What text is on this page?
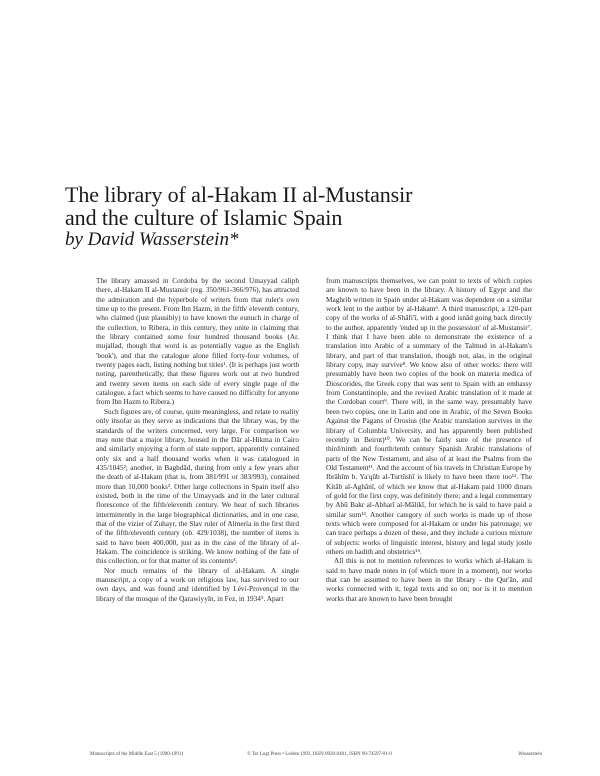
The library of al-Hakam II al-Mustansir
and the culture of Islamic Spain
by David Wasserstein*

The library amassed in Cordoba by the second Umayyad caliph there, al-Hakam II al-Mustansir (reg. 350/961-366/976), has attracted the admiration and the hyperbole of writers from that ruler's own time up to the present. From Ibn Hazm, in the fifth/ eleventh century, who claimed (just plausibly) to have known the eunuch in charge of the collection, to Ribera, in this century, they unite in claiming that the library contained some four hundred thousand books (Ar. mujallad, though that word is as potentially vague as the English 'book'), and that the catalogue alone filled forty-four volumes, of twenty pages each, listing nothing but titles¹. (It is perhaps just worth noting, parenthetically, that these figures work out at two hundred and twenty seven items on each side of every single page of the catalogue, a fact which seems to have caused no difficulty for anyone from Ibn Hazm to Ribera.)

Such figures are, of course, quite meaningless, and relate to reality only insofar as they serve as indications that the library was, by the standards of the writers concerned, very large. For comparison we may note that a major library, housed in the Dār al-Hikma in Cairo and similarly enjoying a form of state support, apparently contained only six and a half thousand works when it was catalogued in 435/1045²; another, in Baghdād, during from only a few years after the death of al-Hakam (that is, from 381/991 or 383/993), contained more than 10,000 books³. Other large collections in Spain itself also existed, both in the time of the Umayyads and in the later cultural florescence of the fifth/eleventh century. We hear of such libraries intermittently in the large biographical dictionaries, and in one case, that of the vizier of Zuhayr, the Slav ruler of Almería in the first third of the fifth/eleventh century (ob. 429/1038), the number of items is said to have been 400,000, just as in the case of the library of al-Hakam. The coincidence is striking. We know nothing of the fate of this collection, or for that matter of its contents⁴.

Nor much remains of the library of al-Hakam. A single manuscript, a copy of a work on religious law, has survived to our own days, and was found and identified by Lévi-Provençal in the library of the mosque of the Qarawiyyīn, in Fez, in 1934⁵. Apart

from manuscripts themselves, we can point to texts of which copies are known to have been in the library. A history of Egypt and the Maghrib written in Spain under al-Hakam was dependent on a similar work lent to the author by al-Hakam⁶. A third manuscript, a 120-part copy of the works of al-Shāfi'ī, with a good isnād going back directly to the author, apparently 'ended up in the possession' of al-Mustansir⁷. I think that I have been able to demonstrate the existence of a translation into Arabic of a summary of the Talmud in al-Hakam's library, and part of that translation, though not, alas, in the original library copy, may survive⁸. We know also of other works: there will presumably have been two copies of the book on materia medica of Dioscorides, the Greek copy that was sent to Spain with an embassy from Constantinople, and the revised Arabic translation of it made at the Cordoban court⁹. There will, in the same way, presumably have been two copies, one in Latin and one in Arabic, of the Seven Books Against the Pagans of Orosius (the Arabic translation survives in the library of Columbia University, and has apparently been published recently in Beirut)¹⁰. We can be fairly sure of the presence of third/ninth and fourth/tenth century Spanish Arabic translations of parts of the New Testament, and also of at least the Psalms from the Old Testament¹¹. And the account of his travels in Christian Europe by Ibrāhīm b. Ya'qūb al-Turtūshī is likely to have been there too¹². The Kitāb al-Aghānī, of which we know that al-Hakam paid 1000 dinars of gold for the first copy, was definitely there; and a legal commentary by Abū Bakr al-Abharī al-Mālikī, for which he is said to have paid a similar sum¹³. Another category of such works is made up of those texts which were composed for al-Hakam or under his patronage; we can trace perhaps a dozen of these, and they include a curious mixture of subjects: works of linguistic interest, history and legal study jostle others on hadith and obstetrics¹⁴.

All this is not to mention references to works which al-Hakam is said to have made notes in (of which more in a moment), nor works that can be assumed to have been in the library - the Qur'ān, and works connected with it, legal texts and so on; nor is it to mention works that are known to have been brought

Manuscripts of the Middle East 5 (1990-1991)	© Ter Lugt Press • Leiden 1993, ISSN 0920-0401, ISBN 90-74597-01-0	Wasserstein
